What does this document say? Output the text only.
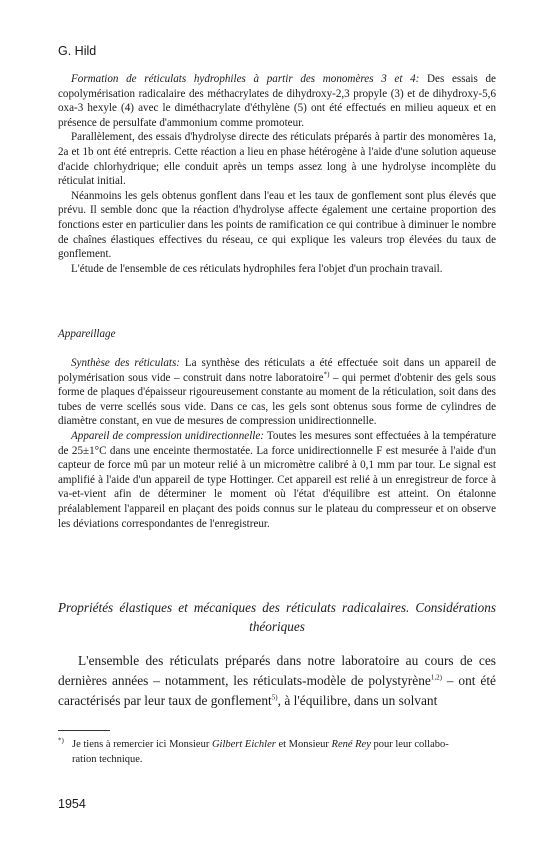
G. Hild

Formation de réticulats hydrophiles à partir des monomères 3 et 4: Des essais de copolymérisation radicalaire des méthacrylates de dihydroxy-2,3 propyle (3) et de dihydroxy-5,6 oxa-3 hexyle (4) avec le diméthacrylate d'éthylène (5) ont été effectués en milieu aqueux et en présence de persulfate d'ammonium comme promoteur.

Parallèlement, des essais d'hydrolyse directe des réticulats préparés à partir des monomères 1a, 2a et 1b ont été entrepris. Cette réaction a lieu en phase hétérogène à l'aide d'une solution aqueuse d'acide chlorhydrique; elle conduit après un temps assez long à une hydrolyse incomplète du réticulat initial.

Néanmoins les gels obtenus gonflent dans l'eau et les taux de gonflement sont plus élevés que prévu. Il semble donc que la réaction d'hydrolyse affecte également une certaine proportion des fonctions ester en particulier dans les points de ramification ce qui contribue à diminuer le nombre de chaînes élastiques effectives du réseau, ce qui explique les valeurs trop élevées du taux de gonflement.

L'étude de l'ensemble de ces réticulats hydrophiles fera l'objet d'un prochain travail.

Appareillage

Synthèse des réticulats: La synthèse des réticulats a été effectuée soit dans un appareil de polymérisation sous vide – construit dans notre laboratoire*) – qui permet d'obtenir des gels sous forme de plaques d'épaisseur rigoureusement constante au moment de la réticulation, soit dans des tubes de verre scellés sous vide. Dans ce cas, les gels sont obtenus sous forme de cylindres de diamètre constant, en vue de mesures de compression unidirectionnelle.

Appareil de compression unidirectionnelle: Toutes les mesures sont effectuées à la température de 25±1°C dans une enceinte thermostatée. La force unidirectionnelle F est mesurée à l'aide d'un capteur de force mû par un moteur relié à un micromètre calibré à 0,1 mm par tour. Le signal est amplifié à l'aide d'un appareil de type Hottinger. Cet appareil est relié à un enregistreur de force à va-et-vient afin de déterminer le moment où l'état d'équilibre est atteint. On étalonne préalablement l'appareil en plaçant des poids connus sur le plateau du compresseur et on observe les déviations correspondantes de l'enregistreur.

Propriétés élastiques et mécaniques des réticulats radicalaires. Considérations
théoriques

L'ensemble des réticulats préparés dans notre laboratoire au cours de ces dernières années – notamment, les réticulats-modèle de polystyrène$^{1,2)}$ – ont été caractérisés par leur taux de gonflement$^{5)}$, à l'équilibre, dans un solvant

*) Je tiens à remercier ici Monsieur Gilbert Eichler et Monsieur René Rey pour leur collabo-
ration technique.
1954
